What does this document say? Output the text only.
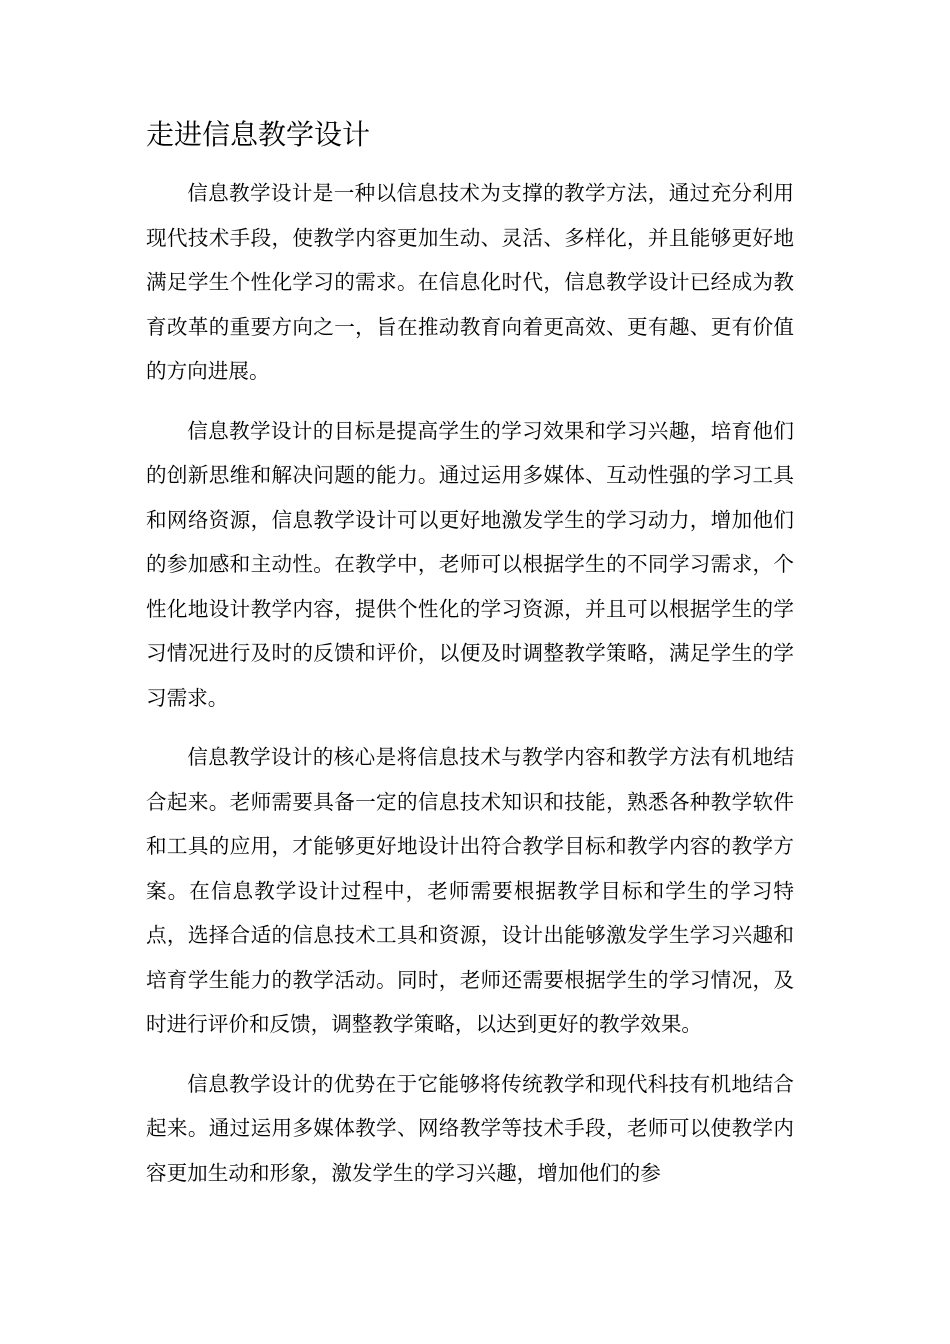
走进信息教学设计

信息教学设计是一种以信息技术为支撑的教学方法，通过充分利用现代技术手段，使教学内容更加生动、灵活、多样化，并且能够更好地满足学生个性化学习的需求。在信息化时代，信息教学设计已经成为教育改革的重要方向之一，旨在推动教育向着更高效、更有趣、更有价值的方向进展。

信息教学设计的目标是提高学生的学习效果和学习兴趣，培育他们的创新思维和解决问题的能力。通过运用多媒体、互动性强的学习工具和网络资源，信息教学设计可以更好地激发学生的学习动力，增加他们的参加感和主动性。在教学中，老师可以根据学生的不同学习需求，个性化地设计教学内容，提供个性化的学习资源，并且可以根据学生的学习情况进行及时的反馈和评价，以便及时调整教学策略，满足学生的学习需求。

信息教学设计的核心是将信息技术与教学内容和教学方法有机地结合起来。老师需要具备一定的信息技术知识和技能，熟悉各种教学软件和工具的应用，才能够更好地设计出符合教学目标和教学内容的教学方案。在信息教学设计过程中，老师需要根据教学目标和学生的学习特点，选择合适的信息技术工具和资源，设计出能够激发学生学习兴趣和培育学生能力的教学活动。同时，老师还需要根据学生的学习情况，及时进行评价和反馈，调整教学策略，以达到更好的教学效果。

信息教学设计的优势在于它能够将传统教学和现代科技有机地结合起来。通过运用多媒体教学、网络教学等技术手段，老师可以使教学内容更加生动和形象，激发学生的学习兴趣，增加他们的参
